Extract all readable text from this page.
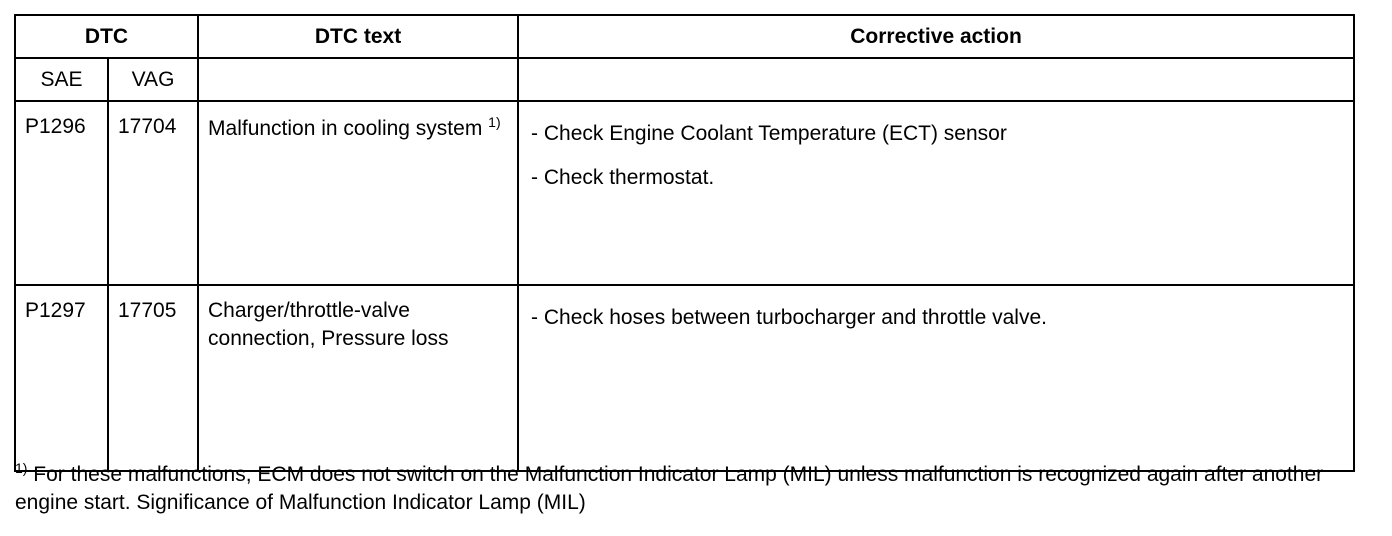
DTC		DTC text	Corrective action
SAE	VAG		
P1296	17704	Malfunction in cooling system $^{1)}$	- Check Engine Coolant Temperature (ECT) sensor
- Check thermostat.

P1297	17705	Charger/throttle-valve connection, Pressure loss	- Check hoses between turbocharger and throttle valve.
$^{1)}$ For these malfunctions, ECM does not switch on the Malfunction Indicator Lamp (MIL) unless malfunction is recognized again after another engine start. Significance of Malfunction Indicator Lamp (MIL)
